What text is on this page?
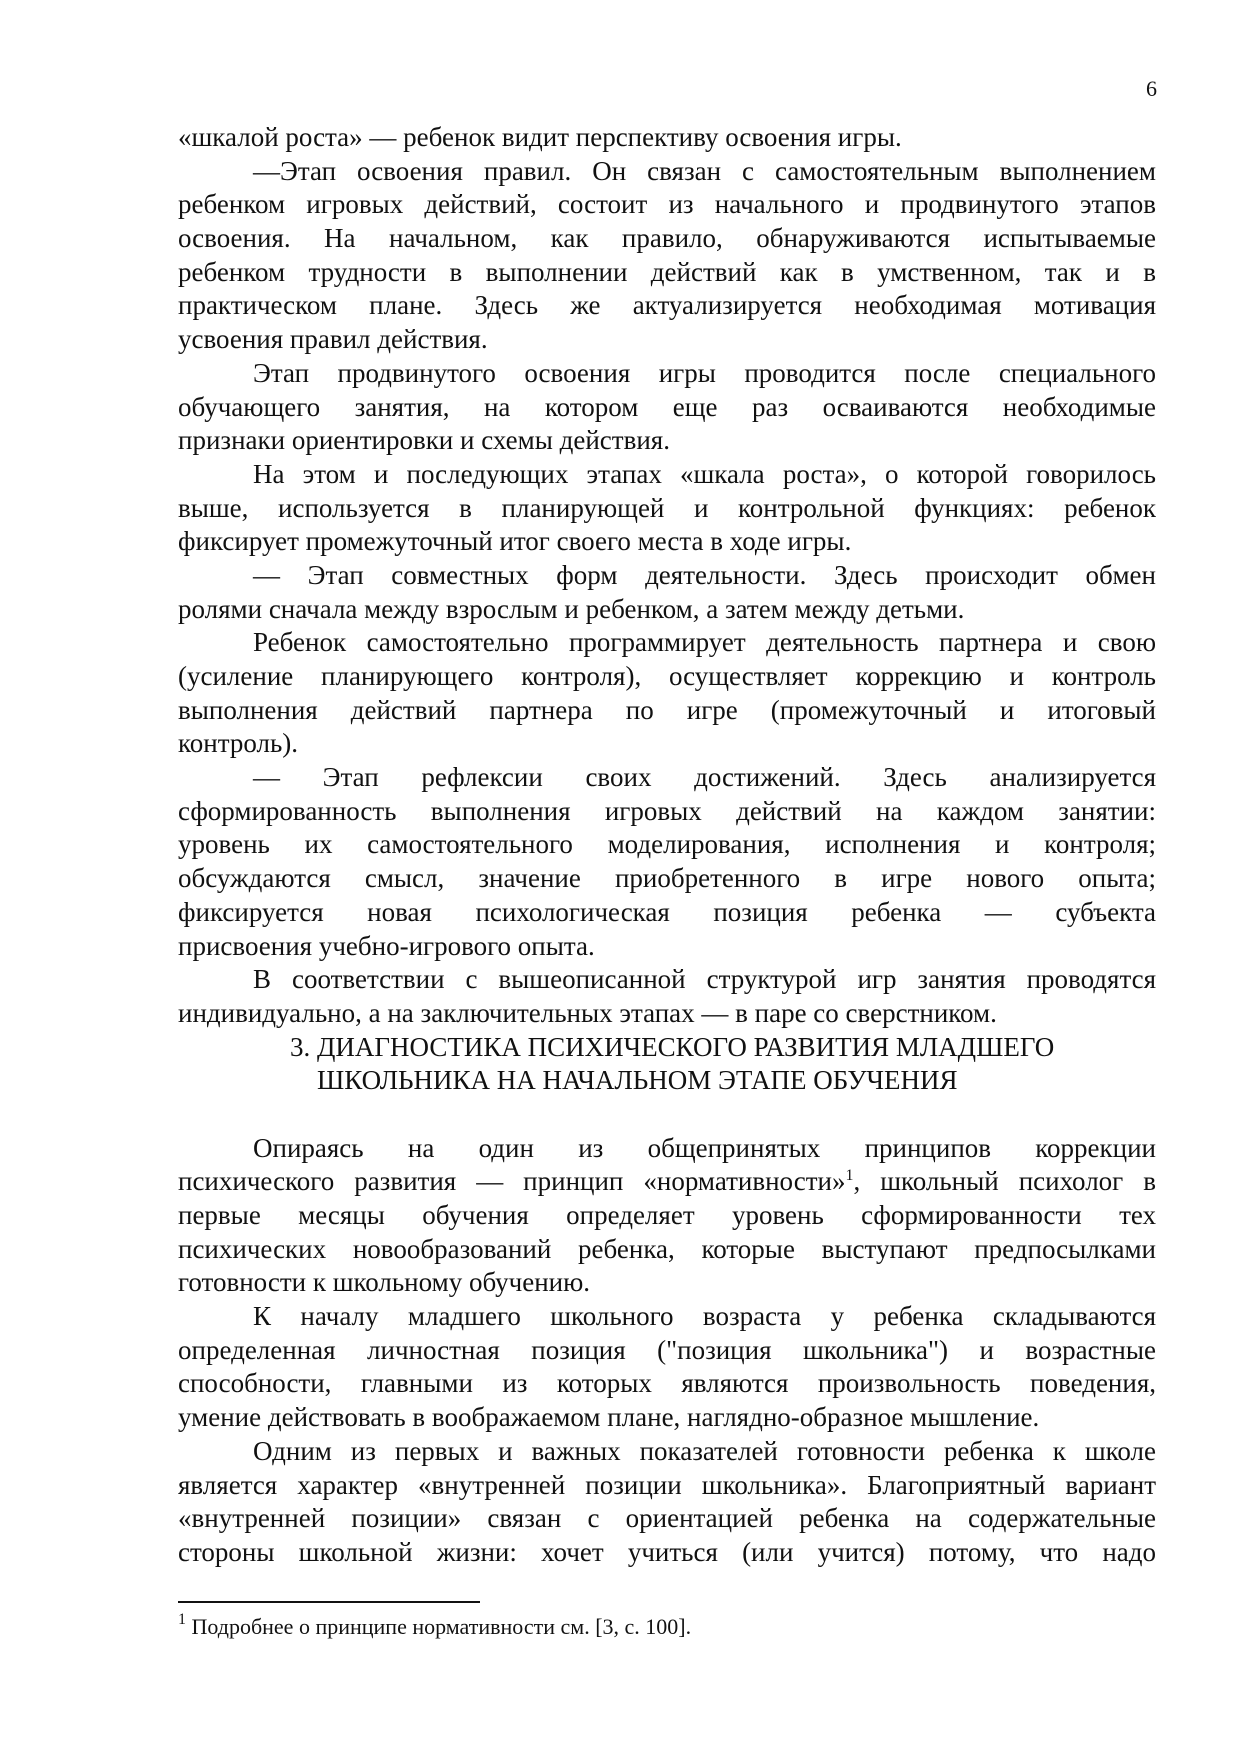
6
«шкалой роста» — ребенок видит перспективу освоения игры.
—Этап освоения правил. Он связан с самостоятельным выполнением
ребенком игровых действий, состоит из начального и продвинутого этапов
освоения. На начальном, как правило, обнаруживаются испытываемые
ребенком трудности в выполнении действий как в умственном, так и в
практическом плане. Здесь же актуализируется необходимая мотивация
усвоения правил действия.
Этап продвинутого освоения игры проводится после специального
обучающего занятия, на котором еще раз осваиваются необходимые
признаки ориентировки и схемы действия.
На этом и последующих этапах «шкала роста», о которой говорилось
выше, используется в планирующей и контрольной функциях: ребенок
фиксирует промежуточный итог своего места в ходе игры.
— Этап совместных форм деятельности. Здесь происходит обмен
ролями сначала между взрослым и ребенком, а затем между детьми.
Ребенок самостоятельно программирует деятельность партнера и свою
(усиление планирующего контроля), осуществляет коррекцию и контроль
выполнения действий партнера по игре (промежуточный и итоговый
контроль).
— Этап рефлексии своих достижений. Здесь анализируется
сформированность выполнения игровых действий на каждом занятии:
уровень их самостоятельного моделирования, исполнения и контроля;
обсуждаются смысл, значение приобретенного в игре нового опыта;
фиксируется новая психологическая позиция ребенка — субъекта
присвоения учебно-игрового опыта.
В соответствии с вышеописанной структурой игр занятия проводятся
индивидуально, а на заключительных этапах — в паре со сверстником.
3. ДИАГНОСТИКА ПСИХИЧЕСКОГО РАЗВИТИЯ МЛАДШЕГО
ШКОЛЬНИКА НА НАЧАЛЬНОМ ЭТАПЕ ОБУЧЕНИЯ
Опираясь на один из общепринятых принципов коррекции
психического развития — принцип «нормативности»$^1$, школьный психолог в
первые месяцы обучения определяет уровень сформированности тех
психических новообразований ребенка, которые выступают предпосылками
готовности к школьному обучению.
К началу младшего школьного возраста у ребенка складываются
определенная личностная позиция ("позиция школьника") и возрастные
способности, главными из которых являются произвольность поведения,
умение действовать в воображаемом плане, наглядно-образное мышление.
Одним из первых и важных показателей готовности ребенка к школе
является характер «внутренней позиции школьника». Благоприятный вариант
«внутренней позиции» связан с ориентацией ребенка на содержательные
стороны школьной жизни: хочет учиться (или учится) потому, что надо
$^1$ Подробнее о принципе нормативности см. [3, с. 100].
